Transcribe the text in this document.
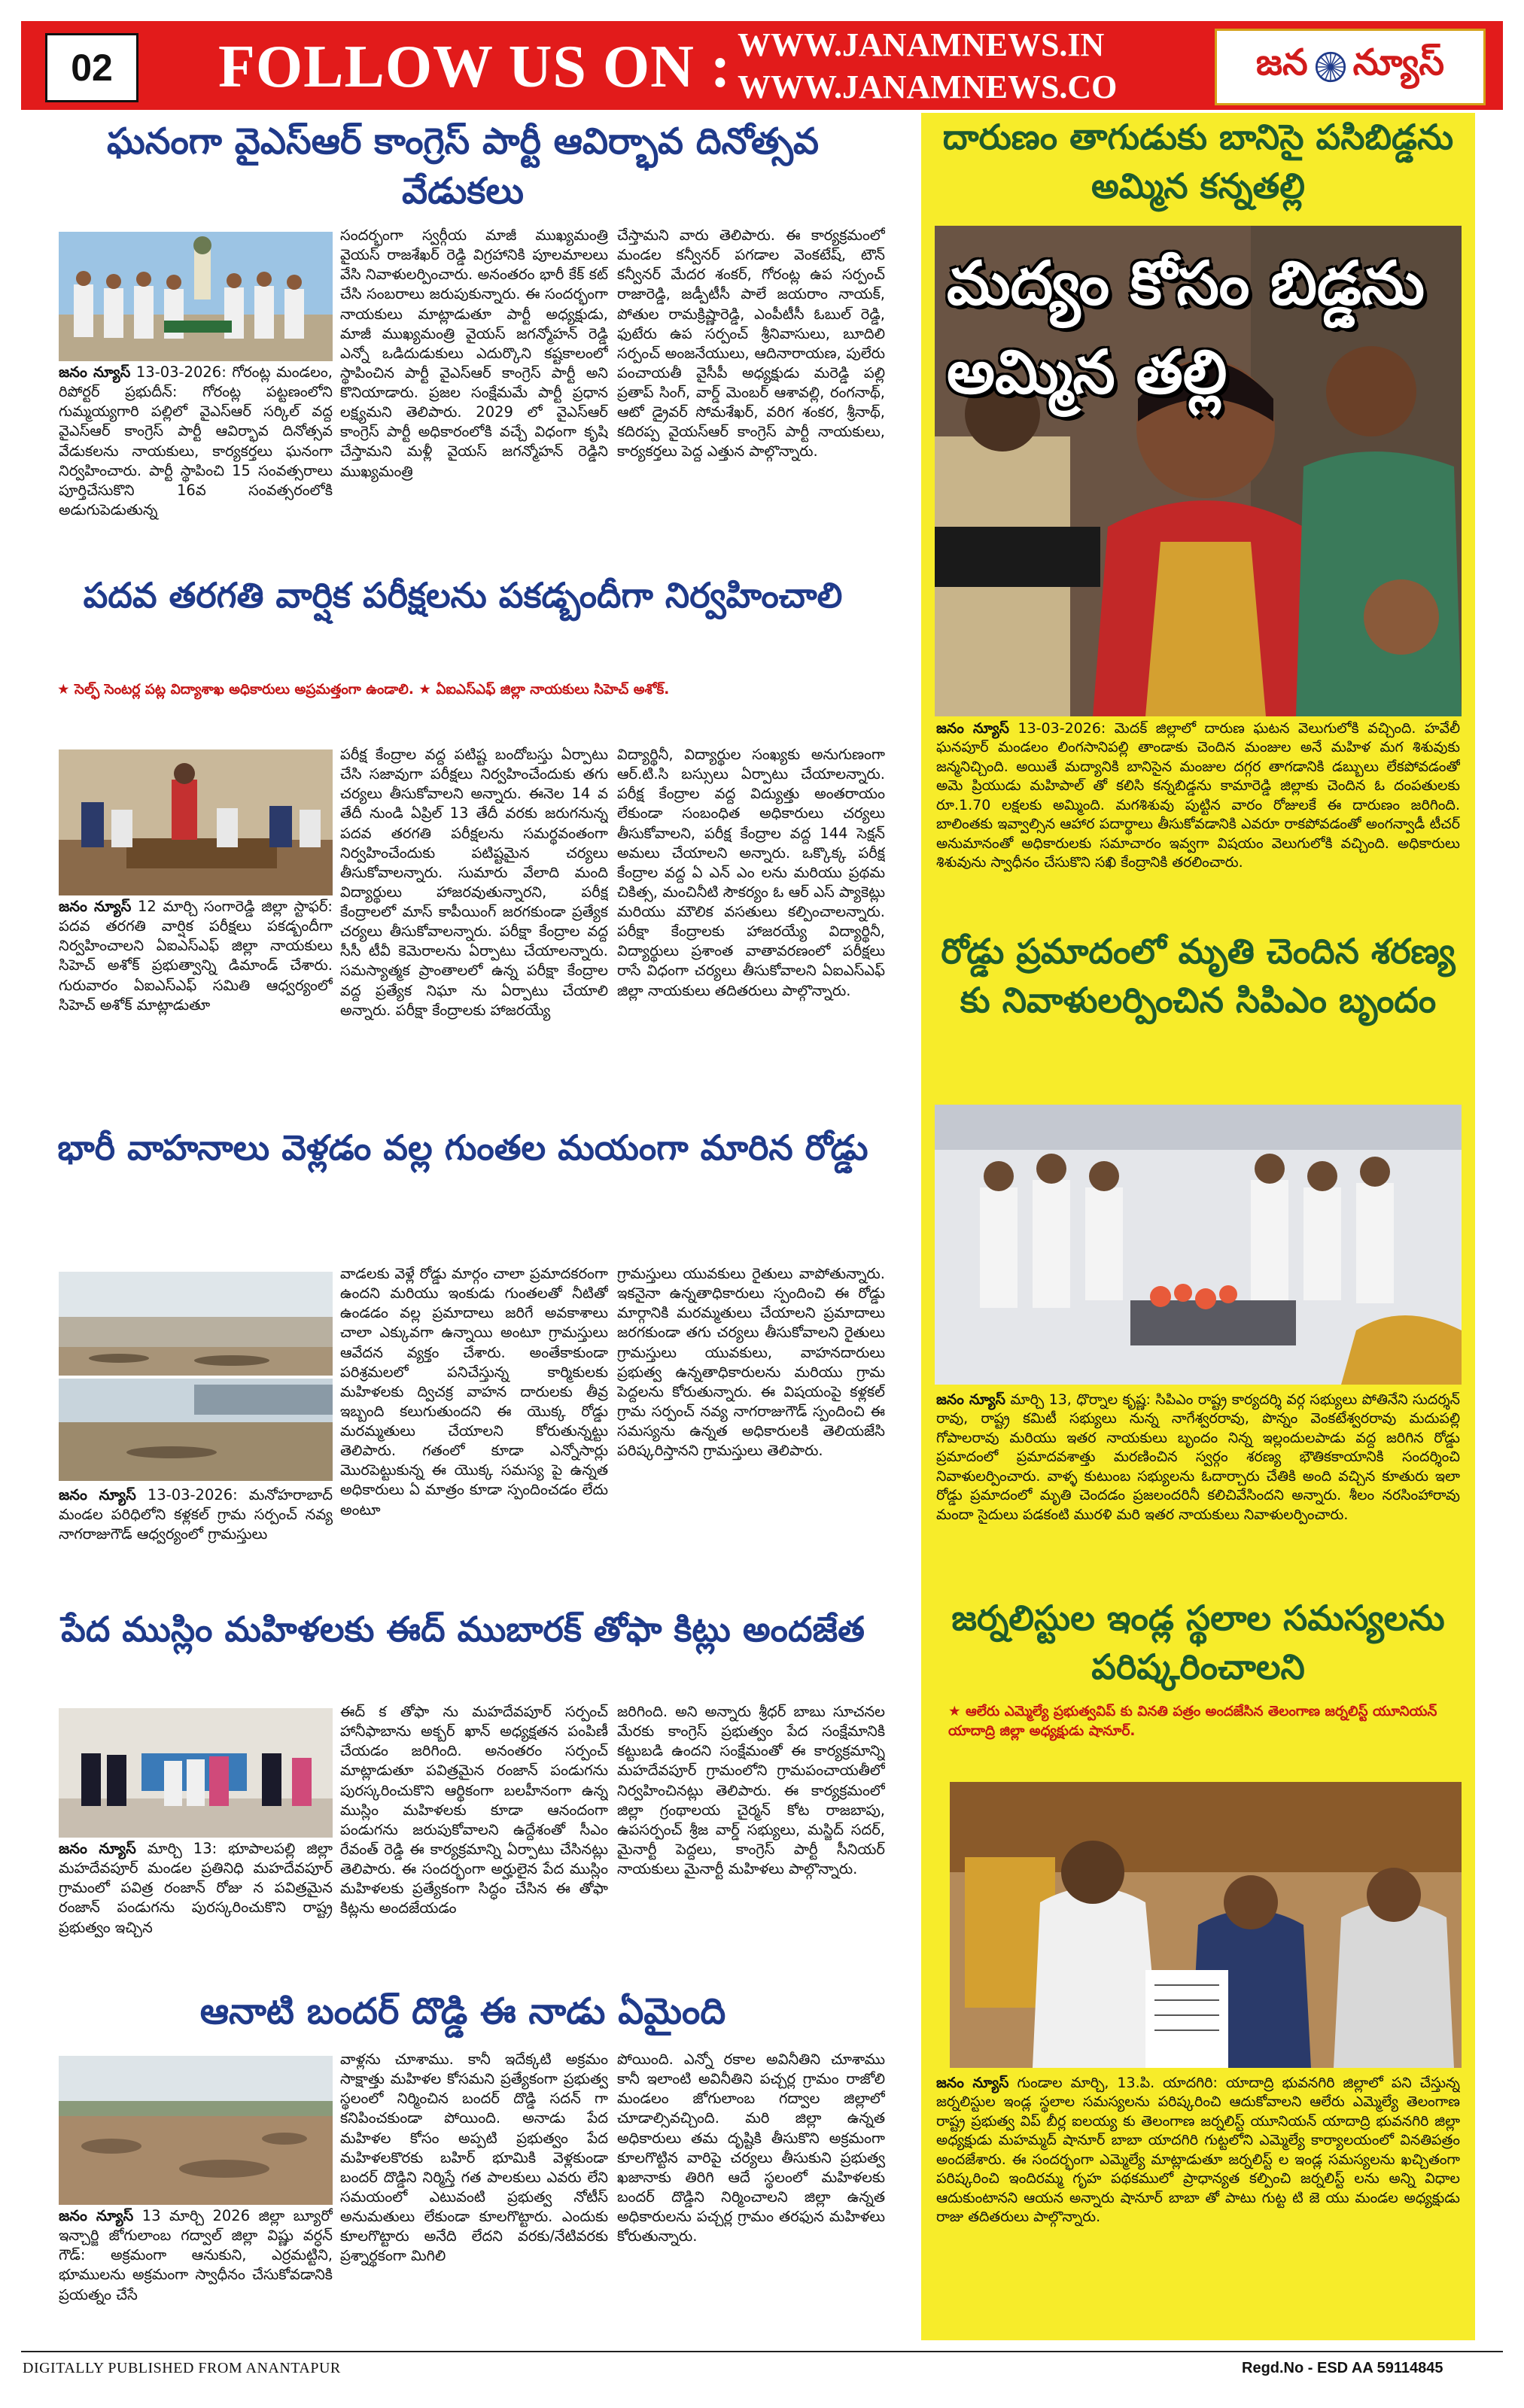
02	FOLLOW US ON : WWW.JANAMNEWS.IN
WWW.JANAMNEWS.CO
జన న్యూస్
ఘనంగా వైఎస్ఆర్ కాంగ్రెస్ పార్టీ ఆవిర్భావ దినోత్సవ వేడుకలు
జనం న్యూస్ 13-03-2026: గోరంట్ల మండలం, రిపోర్టర్ ప్రభుదీన్: గోరంట్ల పట్టణంలోని గుమ్మయ్యగారి పల్లిలో వైఎస్ఆర్ సర్కిల్ వద్ద వైఎస్ఆర్ కాంగ్రెస్ పార్టీ ఆవిర్భావ దినోత్సవ వేడుకలను నాయకులు, కార్యకర్తలు ఘనంగా నిర్వహించారు. పార్టీ స్థాపించి 15 సంవత్సరాలు పూర్తిచేసుకొని 16వ సంవత్సరంలోకి అడుగుపెడుతున్న
సందర్భంగా స్వర్గీయ మాజీ ముఖ్యమంత్రి వైయస్ రాజశేఖర్ రెడ్డి విగ్రహానికి పూలమాలలు వేసి నివాళులర్పించారు. అనంతరం భారీ కేక్ కట్ చేసి సంబరాలు జరుపుకున్నారు. ఈ సందర్భంగా నాయకులు మాట్లాడుతూ పార్టీ అధ్యక్షుడు, మాజీ ముఖ్యమంత్రి వైయస్ జగన్మోహన్ రెడ్డి ఎన్నో ఒడిదుడుకులు ఎదుర్కొని కష్టకాలంలో స్థాపించిన పార్టీ వైఎస్ఆర్ కాంగ్రెస్ పార్టీ అని కొనియాడారు. ప్రజల సంక్షేమమే పార్టీ ప్రధాన లక్ష్యమని తెలిపారు. 2029 లో వైఎస్ఆర్ కాంగ్రెస్ పార్టీ అధికారంలోకి వచ్చే విధంగా కృషి చేస్తామని మళ్లీ వైయస్ జగన్మోహన్ రెడ్డిని ముఖ్యమంత్రి
చేస్తామని వారు తెలిపారు. ఈ కార్యక్రమంలో మండల కన్వీనర్ పగడాల వెంకటేష్, టౌన్ కన్వీనర్ మేదర శంకర్, గోరంట్ల ఉప సర్పంచ్ రాజారెడ్డి, జడ్పీటీసీ పాలే జయరాం నాయక్, పోతుల రామక్రిష్ణారెడ్డి, ఎంపీటీసీ ఓబుల్ రెడ్డి, ఫుటేరు ఉప సర్పంచ్ శ్రీనివాసులు, బూదిలి సర్పంచ్ అంజనేయులు, ఆదినారాయణ, పులేరు పంచాయతీ వైసీపీ అధ్యక్షుడు మరెడ్డి పల్లి ప్రతాప్ సింగ్, వార్డ్ మెంబర్ ఆశావల్లి, రంగనాథ్, ఆటో డ్రైవర్ సోమశేఖర్, వరిగ శంకర, శ్రీనాథ్, కదిరప్ప వైయస్ఆర్ కాంగ్రెస్ పార్టీ నాయకులు, కార్యకర్తలు పెద్ద ఎత్తున పాల్గొన్నారు.
పదవ తరగతి వార్షిక పరీక్షలను పకడ్బందీగా నిర్వహించాలి
★ సెల్ఫ్ సెంటర్ల పట్ల విద్యాశాఖ అధికారులు అప్రమత్తంగా ఉండాలి. ★ ఏఐఎస్ఎఫ్ జిల్లా నాయకులు సిహెచ్ అశోక్.
జనం న్యూస్ 12 మార్చి సంగారెడ్డి జిల్లా స్టాఫర్: పదవ తరగతి వార్షిక పరీక్షలు పకడ్బందీగా నిర్వహించాలని ఏఐఎస్ఎఫ్ జిల్లా నాయకులు సిహెచ్ అశోక్ ప్రభుత్వాన్ని డిమాండ్ చేశారు. గురువారం ఏఐఎస్ఎఫ్ సమితి ఆధ్వర్యంలో సిహెచ్ అశోక్ మాట్లాడుతూ
పరీక్ష కేంద్రాల వద్ద పటిష్ట బందోబస్తు ఏర్పాటు చేసి సజావుగా పరీక్షలు నిర్వహించేందుకు తగు చర్యలు తీసుకోవాలని అన్నారు. ఈనెల 14 వ తేదీ నుండి ఏప్రిల్ 13 తేదీ వరకు జరుగనున్న పదవ తరగతి పరీక్షలను సమర్థవంతంగా నిర్వహించేందుకు పటిష్టమైన చర్యలు తీసుకోవాలన్నారు. సుమారు వేలాది మంది విద్యార్థులు హాజరవుతున్నారని, పరీక్ష కేంద్రాలలో మాస్ కాపీయింగ్ జరగకుండా ప్రత్యేక చర్యలు తీసుకోవాలన్నారు. పరీక్షా కేంద్రాల వద్ద సీసీ టీవీ కెమెరాలను ఏర్పాటు చేయాలన్నారు. సమస్యాత్మక ప్రాంతాలలో ఉన్న పరీక్షా కేంద్రాల వద్ద ప్రత్యేక నిఘా ను ఏర్పాటు చేయాలి అన్నారు. పరీక్షా కేంద్రాలకు హాజరయ్యే
విద్యార్థినీ, విద్యార్థుల సంఖ్యకు అనుగుణంగా ఆర్.టి.సి బస్సులు ఏర్పాటు చేయాలన్నారు. పరీక్ష కేంద్రాల వద్ద విద్యుత్తు అంతరాయం లేకుండా సంబంధిత అధికారులు చర్యలు తీసుకోవాలని, పరీక్ష కేంద్రాల వద్ద 144 సెక్షన్ అమలు చేయాలని అన్నారు. ఒక్కొక్క పరీక్ష కేంద్రాల వద్ద ఏ ఎన్ ఎం లను మరియు ప్రథమ చికిత్స, మంచినీటి సౌకర్యం ఓ ఆర్ ఎస్ ప్యాకెట్లు మరియు మౌలిక వసతులు కల్పించాలన్నారు. పరీక్షా కేంద్రాలకు హాజరయ్యే విద్యార్థినీ, విద్యార్థులు ప్రశాంత వాతావరణంలో పరీక్షలు రాసే విధంగా చర్యలు తీసుకోవాలని ఏఐఎస్ఎఫ్ జిల్లా నాయకులు తదితరులు పాల్గొన్నారు.
భారీ వాహనాలు వెళ్లడం వల్ల గుంతల మయంగా మారిన రోడ్డు
జనం న్యూస్ 13-03-2026: మనోహరాబాద్ మండల పరిధిలోని కళ్లకల్ గ్రామ సర్పంచ్ నవ్య నాగరాజుగౌడ్ ఆధ్వర్యంలో గ్రామస్తులు
వాడలకు వెళ్లే రోడ్డు మార్గం చాలా ప్రమాదకరంగా ఉందని మరియు ఇంకుడు గుంతలతో నీటితో ఉండడం వల్ల ప్రమాదాలు జరిగే అవకాశాలు చాలా ఎక్కువగా ఉన్నాయి అంటూ గ్రామస్తులు ఆవేదన వ్యక్తం చేశారు. అంతేకాకుండా పరిశ్రమలలో పనిచేస్తున్న కార్మికులకు మహిళలకు ద్విచక్ర వాహన దారులకు తీవ్ర ఇబ్బంది కలుగుతుందని ఈ యొక్క రోడ్డు మరమ్మతులు చేయాలని కోరుతున్నట్టు తెలిపారు. గతంలో కూడా ఎన్నోసార్లు మొరపెట్టుకున్న ఈ యొక్క సమస్య పై ఉన్నత అధికారులు ఏ మాత్రం కూడా స్పందించడం లేదు అంటూ
గ్రామస్తులు యువకులు రైతులు వాపోతున్నారు. ఇకనైనా ఉన్నతాధికారులు స్పందించి ఈ రోడ్డు మార్గానికి మరమ్మతులు చేయాలని ప్రమాదాలు జరగకుండా తగు చర్యలు తీసుకోవాలని రైతులు గ్రామస్తులు యువకులు, వాహనదారులు ప్రభుత్వ ఉన్నతాధికారులను మరియు గ్రామ పెద్దలను కోరుతున్నారు. ఈ విషయంపై కళ్లకల్ గ్రామ సర్పంచ్ నవ్య నాగరాజుగౌడ్ స్పందించి ఈ సమస్యను ఉన్నత అధికారులకి తెలియజేసి పరిష్కరిస్తానని గ్రామస్తులు తెలిపారు.
పేద ముస్లిం మహిళలకు ఈద్ ముబారక్ తోఫా కిట్లు అందజేత
జనం న్యూస్ మార్చి 13: భూపాలపల్లి జిల్లా మహదేవపూర్ మండల ప్రతినిధి మహదేవపూర్ గ్రామంలో పవిత్ర రంజాన్ రోజు న పవిత్రమైన రంజాన్ పండుగను పురస్కరించుకొని రాష్ట్ర ప్రభుత్వం ఇచ్చిన
ఈద్ క తోఫా ను మహదేవపూర్ సర్పంచ్ హానీఫాబాను అక్బర్ ఖాన్ అధ్యక్షతన పంపిణీ చేయడం జరిగింది. అనంతరం సర్పంచ్ మాట్లాడుతూ పవిత్రమైన రంజాన్ పండుగను పురస్కరించుకొని ఆర్థికంగా బలహీనంగా ఉన్న ముస్లిం మహిళలకు కూడా ఆనందంగా పండుగను జరుపుకోవాలని ఉద్దేశంతో సీఎం రేవంత్ రెడ్డి ఈ కార్యక్రమాన్ని ఏర్పాటు చేసినట్లు తెలిపారు. ఈ సందర్భంగా అర్హులైన పేద ముస్లిం మహిళలకు ప్రత్యేకంగా సిద్ధం చేసిన ఈ తోఫా కిట్లను అందజేయడం
జరిగింది. అని అన్నారు శ్రీధర్ బాబు సూచనల మేరకు కాంగ్రెస్ ప్రభుత్వం పేద సంక్షేమానికి కట్టుబడి ఉందని సంక్షేమంతో ఈ కార్యక్రమాన్ని మహదేవపూర్ గ్రామంలోని గ్రామపంచాయతీలో నిర్వహించినట్లు తెలిపారు. ఈ కార్యక్రమంలో జిల్లా గ్రంథాలయ చైర్మన్ కోట రాజబాపు, ఉపసర్పంచ్ శ్రీజ వార్డ్ సభ్యులు, మస్జిద్ సదర్, మైనార్టీ పెద్దలు, కాంగ్రెస్ పార్టీ సీనియర్ నాయకులు మైనార్టీ మహిళలు పాల్గొన్నారు.
ఆనాటి బందర్ దొడ్డి ఈ నాడు ఏమైంది
జనం న్యూస్ 13 మార్చి 2026 జిల్లా బ్యూరో ఇన్చార్జి జోగులాంబ గద్వాల్ జిల్లా విష్ణు వర్ధన్ గౌడ్: అక్రమంగా ఆనుకుని, ఎర్రమట్టిని, భూములను అక్రమంగా స్వాధీనం చేసుకోవడానికి ప్రయత్నం చేసే
వాళ్లను చూశాము. కానీ ఇదేక్కటి అక్రమం సాక్షాత్తు మహిళల కోసమని ప్రత్యేకంగా ప్రభుత్వ స్థలంలో నిర్మించిన బందర్ దొడ్డి సదన్ గా కనిపించకుండా పోయింది. అనాడు పేద మహిళల కోసం అప్పటి ప్రభుత్వం పేద మహిళలకొరకు బహిర్ భూమికి వెళ్లకుండా బందర్ దొడ్డిని నిర్మిస్తే గత పాలకులు ఎవరు లేని సమయంలో ఎటువంటి ప్రభుత్వ నోటీస్ అనుమతులు లేకుండా కూలగొట్టారు. ఎందుకు కూలగొట్టారు అనేది లేదని వరకు/నేటివరకు ప్రశ్నార్థకంగా మిగిలి
పోయింది. ఎన్నో రకాల అవినీతిని చూశాము కానీ ఇలాంటి అవినీతిని పచ్చర్ల గ్రామం రాజోలి మండలం జోగులాంబ గద్వాల జిల్లాలో చూడాల్సివచ్చింది. మరి జిల్లా ఉన్నత అధికారులు తమ దృష్టికి తీసుకొని అక్రమంగా కూలగొట్టిన వారిపై చర్యలు తీసుకుని ప్రభుత్వ ఖజానాకు తిరిగి ఆదే స్థలంలో మహిళలకు బందర్ దొడ్డిని నిర్మించాలని జిల్లా ఉన్నత అధికారులను పచ్చర్ల గ్రామం తరఫున మహిళలు కోరుతున్నారు.
దారుణం తాగుడుకు బానిసై పసిబిడ్డను అమ్మిన కన్నతల్లి
మద్యం కోసం బిడ్డను అమ్మిన తల్లి
జనం న్యూస్ 13-03-2026: మెదక్ జిల్లాలో దారుణ ఘటన వెలుగులోకి వచ్చింది. హవేలీ ఘనపూర్ మండలం లింగసానిపల్లి తాండాకు చెందిన మంజుల అనే మహిళ మగ శిశువుకు జన్మనిచ్చింది. అయితే మద్యానికి బానిసైన మంజుల దగ్గర తాగడానికి డబ్బులు లేకపోవడంతో అమె ప్రియుడు మహిపాల్ తో కలిసి కన్నబిడ్డను కామారెడ్డి జిల్లాకు చెందిన ఓ దంపతులకు రూ.1.70 లక్షలకు అమ్మింది. మగశిశువు పుట్టిన వారం రోజులకే ఈ దారుణం జరిగింది. బాలింతకు ఇవ్వాల్సిన ఆహార పదార్థాలు తీసుకోవడానికి ఎవరూ రాకపోవడంతో అంగన్వాడీ టీచర్ అనుమానంతో అధికారులకు సమాచారం ఇవ్వగా విషయం వెలుగులోకి వచ్చింది. అధికారులు శిశువును స్వాధీనం చేసుకొని సఖి కేంద్రానికి తరలించారు.
రోడ్డు ప్రమాదంలో మృతి చెందిన శరణ్య కు నివాళులర్పించిన సిపిఎం బృందం
జనం న్యూస్ మార్చి 13, ధొర్నాల కృష్ణ: సిపిఎం రాష్ట్ర కార్యదర్శి వర్గ సభ్యులు పోతినేని సుదర్శన్ రావు, రాష్ట్ర కమిటీ సభ్యులు నున్న నాగేశ్వరరావు, పొన్నం వెంకటేశ్వరరావు మదుపల్లి గోపాలరావు మరియు ఇతర నాయకులు బృందం నిన్న ఇల్లందులపాడు వద్ద జరిగిన రోడ్డు ప్రమాదంలో ప్రమాదవశాత్తు మరణించిన స్వర్గం శరణ్య భౌతికకాయానికి సందర్శించి నివాళులర్పించారు. వాళ్ళ కుటుంబ సభ్యులను ఓదార్చారు చేతికి అంది వచ్చిన కూతురు ఇలా రోడ్డు ప్రమాదంలో మృతి చెందడం ప్రజలందరినీ కలిచివేసిందని అన్నారు. శీలం నరసింహారావు మందా సైదులు పడకంటి మురళి మరి ఇతర నాయకులు నివాళులర్పించారు.
జర్నలిస్టుల ఇండ్ల స్థలాల సమస్యలను పరిష్కరించాలని
★ ఆలేరు ఎమ్మెల్యే ప్రభుత్వవిప్ కు వినతి పత్రం అందజేసిన తెలంగాణ జర్నలిస్ట్ యూనియన్ యాదాద్రి జిల్లా అధ్యక్షుడు షానూర్.
జనం న్యూస్ గుండాల మార్చి, 13.పి. యాదగిరి: యాదాద్రి భువనగిరి జిల్లాలో పని చేస్తున్న జర్నలిస్టుల ఇండ్ల స్థలాల సమస్యలను పరిష్కరించి ఆదుకోవాలని ఆలేరు ఎమ్మెల్యే తెలంగాణ రాష్ట్ర ప్రభుత్వ విప్ బీర్ల ఐలయ్య కు తెలంగాణ జర్నలిస్ట్ యూనియన్ యాదాద్రి భువనగిరి జిల్లా అధ్యక్షుడు మహమ్మద్ షానూర్ బాబా యాదగిరి గుట్టలోని ఎమ్మెల్యే కార్యాలయంలో వినతిపత్రం అందజేశారు. ఈ సందర్భంగా ఎమ్మెల్యే మాట్లాడుతూ జర్నలిస్ట్ ల ఇండ్ల సమస్యలను ఖచ్చితంగా పరిష్కరించి ఇందిరమ్మ గృహ పథకములో ప్రాధాన్యత కల్పించి జర్నలిస్ట్ లను అన్ని విధాల ఆదుకుంటానని ఆయన అన్నారు షానూర్ బాబా తో పాటు గుట్ట టి జె యు మండల అధ్యక్షుడు రాజు తదితరులు పాల్గొన్నారు.
DIGITALLY PUBLISHED FROM ANANTAPUR	Regd.No - ESD AA 59114845
